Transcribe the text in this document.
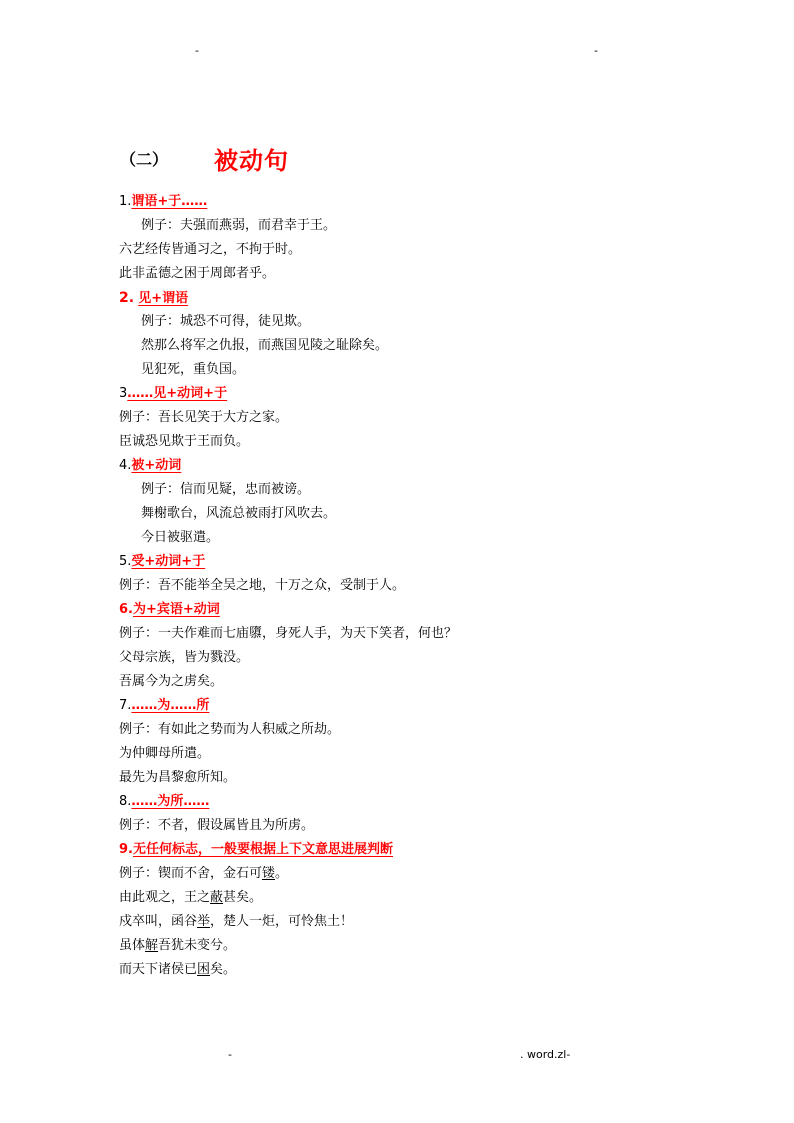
-	-
（二） 被动句
1.谓语+于……
例子：夫强而燕弱，而君幸于王。
六艺经传皆通习之，不拘于时。
此非孟德之困于周郎者乎。
2. 见+谓语
例子：城恐不可得，徒见欺。
然那么将军之仇报，而燕国见陵之耻除矣。
见犯死，重负国。
3……见+动词+于
例子：吾长见笑于大方之家。
臣诚恐见欺于王而负。
4.被+动词
例子：信而见疑，忠而被谤。
舞榭歌台，风流总被雨打风吹去。
今日被驱遣。
5.受+动词+于
例子：吾不能举全吴之地，十万之众，受制于人。
6.为+宾语+动词
例子：一夫作难而七庙隳，身死人手，为天下笑者，何也？
父母宗族，皆为戮没。
吾属今为之虏矣。
7.……为……所
例子：有如此之势而为人积威之所劫。
为仲卿母所遣。
最先为昌黎愈所知。
8.……为所……
例子：不者，假设属皆且为所虏。
9.无任何标志，一般要根据上下文意思进展判断
例子：锲而不舍，金石可镂。
由此观之，王之蔽甚矣。
戍卒叫，函谷举，楚人一炬，可怜焦土！
虽体解吾犹未变兮。
而天下诸侯已困矣。
-	. word.zl-
